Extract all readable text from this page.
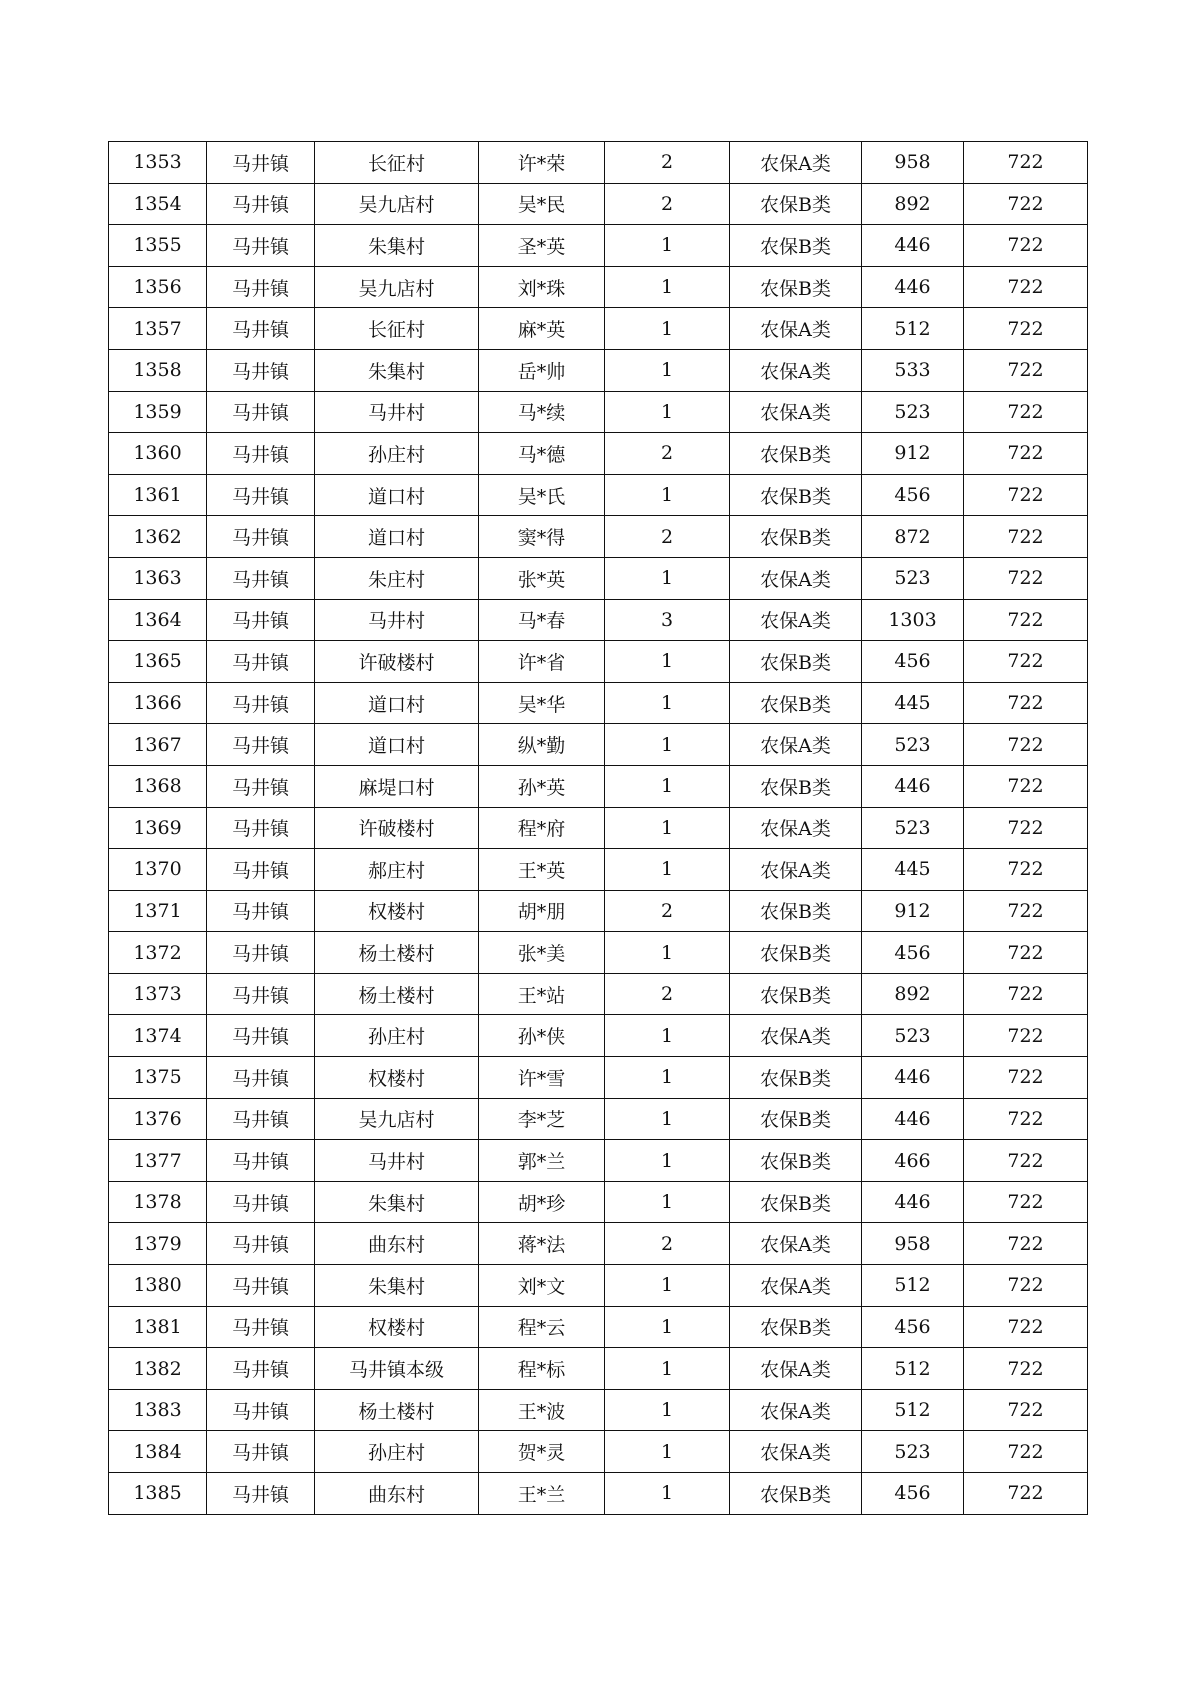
1353	马井镇	长征村	许*荣	2	农保A类	958	722
1354	马井镇	吴九店村	吴*民	2	农保B类	892	722
1355	马井镇	朱集村	圣*英	1	农保B类	446	722
1356	马井镇	吴九店村	刘*珠	1	农保B类	446	722
1357	马井镇	长征村	麻*英	1	农保A类	512	722
1358	马井镇	朱集村	岳*帅	1	农保A类	533	722
1359	马井镇	马井村	马*续	1	农保A类	523	722
1360	马井镇	孙庄村	马*德	2	农保B类	912	722
1361	马井镇	道口村	吴*氏	1	农保B类	456	722
1362	马井镇	道口村	窦*得	2	农保B类	872	722
1363	马井镇	朱庄村	张*英	1	农保A类	523	722
1364	马井镇	马井村	马*春	3	农保A类	1303	722
1365	马井镇	许破楼村	许*省	1	农保B类	456	722
1366	马井镇	道口村	吴*华	1	农保B类	445	722
1367	马井镇	道口村	纵*勤	1	农保A类	523	722
1368	马井镇	麻堤口村	孙*英	1	农保B类	446	722
1369	马井镇	许破楼村	程*府	1	农保A类	523	722
1370	马井镇	郝庄村	王*英	1	农保A类	445	722
1371	马井镇	权楼村	胡*朋	2	农保B类	912	722
1372	马井镇	杨土楼村	张*美	1	农保B类	456	722
1373	马井镇	杨土楼村	王*站	2	农保B类	892	722
1374	马井镇	孙庄村	孙*侠	1	农保A类	523	722
1375	马井镇	权楼村	许*雪	1	农保B类	446	722
1376	马井镇	吴九店村	李*芝	1	农保B类	446	722
1377	马井镇	马井村	郭*兰	1	农保B类	466	722
1378	马井镇	朱集村	胡*珍	1	农保B类	446	722
1379	马井镇	曲东村	蒋*法	2	农保A类	958	722
1380	马井镇	朱集村	刘*文	1	农保A类	512	722
1381	马井镇	权楼村	程*云	1	农保B类	456	722
1382	马井镇	马井镇本级	程*标	1	农保A类	512	722
1383	马井镇	杨土楼村	王*波	1	农保A类	512	722
1384	马井镇	孙庄村	贺*灵	1	农保A类	523	722
1385	马井镇	曲东村	王*兰	1	农保B类	456	722
